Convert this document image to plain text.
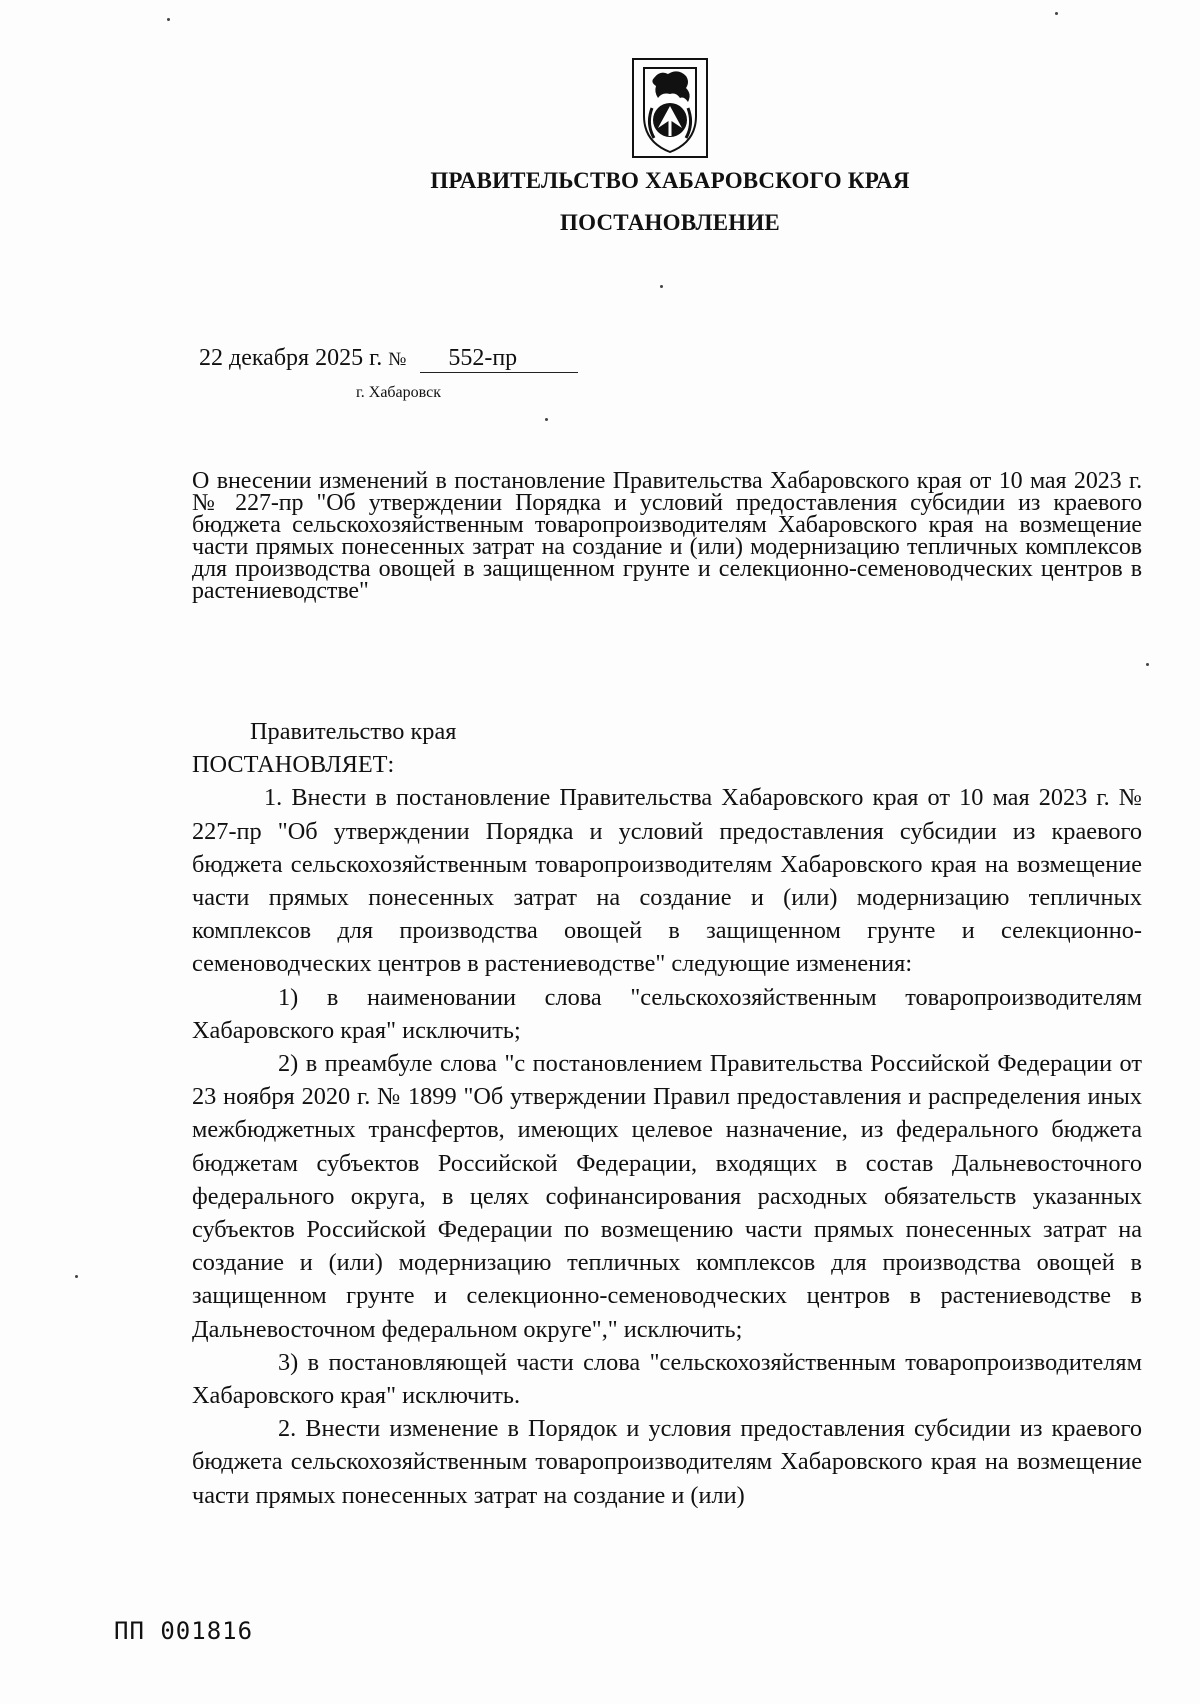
ПРАВИТЕЛЬСТВО ХАБАРОВСКОГО КРАЯ
ПОСТАНОВЛЕНИЕ
22 декабря 2025 г. № 552-пр
г. Хабаровск
О внесении изменений в постановление Правительства Хабаровского края от 10 мая 2023 г. № 227-пр "Об утверждении Порядка и условий предоставления субсидии из краевого бюджета сельскохозяйственным товаропроизводителям Хабаровского края на возмещение части прямых понесенных затрат на создание и (или) модернизацию тепличных комплексов для производства овощей в защищенном грунте и селекционно-семеноводческих центров в растениеводстве"

Правительство края

ПОСТАНОВЛЯЕТ:

1. Внести в постановление Правительства Хабаровского края от 10 мая 2023 г. № 227-пр "Об утверждении Порядка и условий предоставления субсидии из краевого бюджета сельскохозяйственным товаропроизводителям Хабаровского края на возмещение части прямых понесенных затрат на создание и (или) модернизацию тепличных комплексов для производства овощей в защищенном грунте и селекционно-семеноводческих центров в растениеводстве" следующие изменения:

1) в наименовании слова "сельскохозяйственным товаропроизводителям Хабаровского края" исключить;

2) в преамбуле слова "с постановлением Правительства Российской Федерации от 23 ноября 2020 г. № 1899 "Об утверждении Правил предоставления и распределения иных межбюджетных трансфертов, имеющих целевое назначение, из федерального бюджета бюджетам субъектов Российской Федерации, входящих в состав Дальневосточного федерального округа, в целях софинансирования расходных обязательств указанных субъектов Российской Федерации по возмещению части прямых понесенных затрат на создание и (или) модернизацию тепличных комплексов для производства овощей в защищенном грунте и селекционно-семеноводческих центров в растениеводстве в Дальневосточном федеральном округе"," исключить;

3) в постановляющей части слова "сельскохозяйственным товаропроизводителям Хабаровского края" исключить.

2. Внести изменение в Порядок и условия предоставления субсидии из краевого бюджета сельскохозяйственным товаропроизводителям Хабаровского края на возмещение части прямых понесенных затрат на создание и (или)

ПП 001816
